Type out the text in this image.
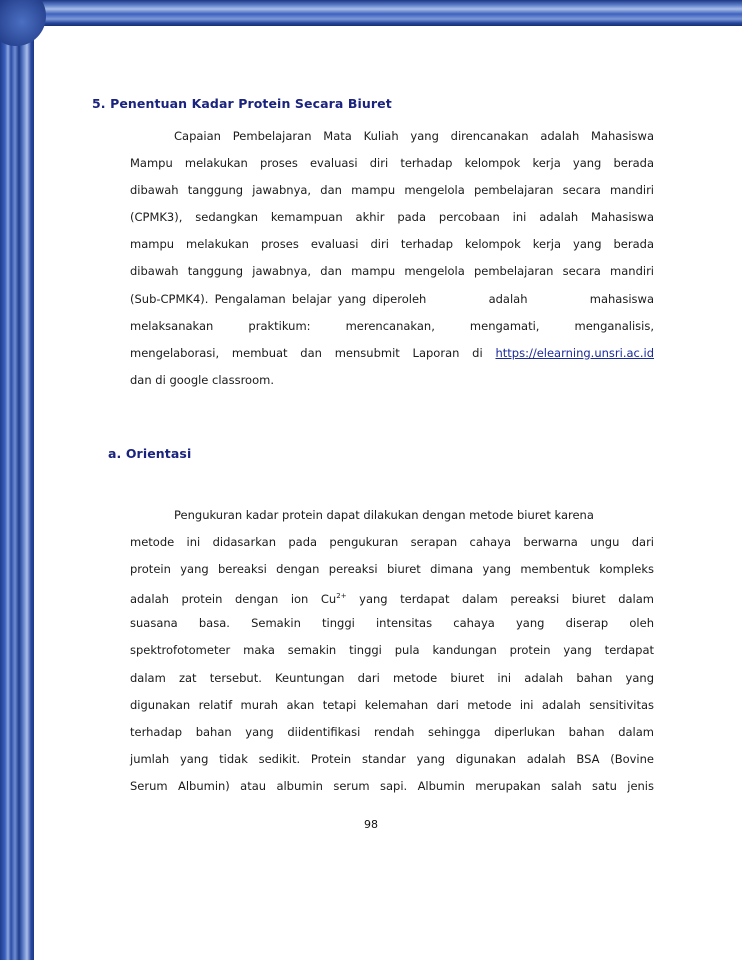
5. Penentuan Kadar Protein Secara Biuret
Capaian Pembelajaran Mata Kuliah yang direncanakan adalah Mahasiswa
Mampu melakukan proses evaluasi diri terhadap kelompok kerja yang berada
dibawah tanggung jawabnya, dan mampu mengelola pembelajaran secara mandiri
(CPMK3), sedangkan kemampuan akhir pada percobaan ini adalah Mahasiswa
mampu melakukan proses evaluasi diri terhadap kelompok kerja yang berada
dibawah tanggung jawabnya, dan mampu mengelola pembelajaran secara mandiri
(Sub-CPMK4). Pengalaman belajar yang diperoleh          adalah          mahasiswa
melaksanakan      praktikum:      merencanakan,      mengamati,      menganalisis,
mengelaborasi, membuat dan mensubmit Laporan di https://elearning.unsri.ac.id
dan di google classroom.
a. Orientasi
Pengukuran kadar protein dapat dilakukan dengan metode biuret karena
metode ini didasarkan pada pengukuran serapan cahaya berwarna ungu dari
protein yang bereaksi dengan pereaksi biuret dimana yang membentuk kompleks
adalah protein dengan ion $Cu^{2+}$ yang terdapat dalam pereaksi biuret dalam
suasana basa. Semakin tinggi intensitas cahaya yang diserap oleh
spektrofotometer maka semakin tinggi pula kandungan protein yang terdapat
dalam zat tersebut. Keuntungan dari metode biuret ini adalah bahan yang
digunakan relatif murah akan tetapi kelemahan dari metode ini adalah sensitivitas
terhadap bahan yang diidentifikasi rendah sehingga diperlukan bahan dalam
jumlah yang tidak sedikit. Protein standar yang digunakan adalah BSA (Bovine
Serum Albumin) atau albumin serum sapi. Albumin merupakan salah satu jenis
98
